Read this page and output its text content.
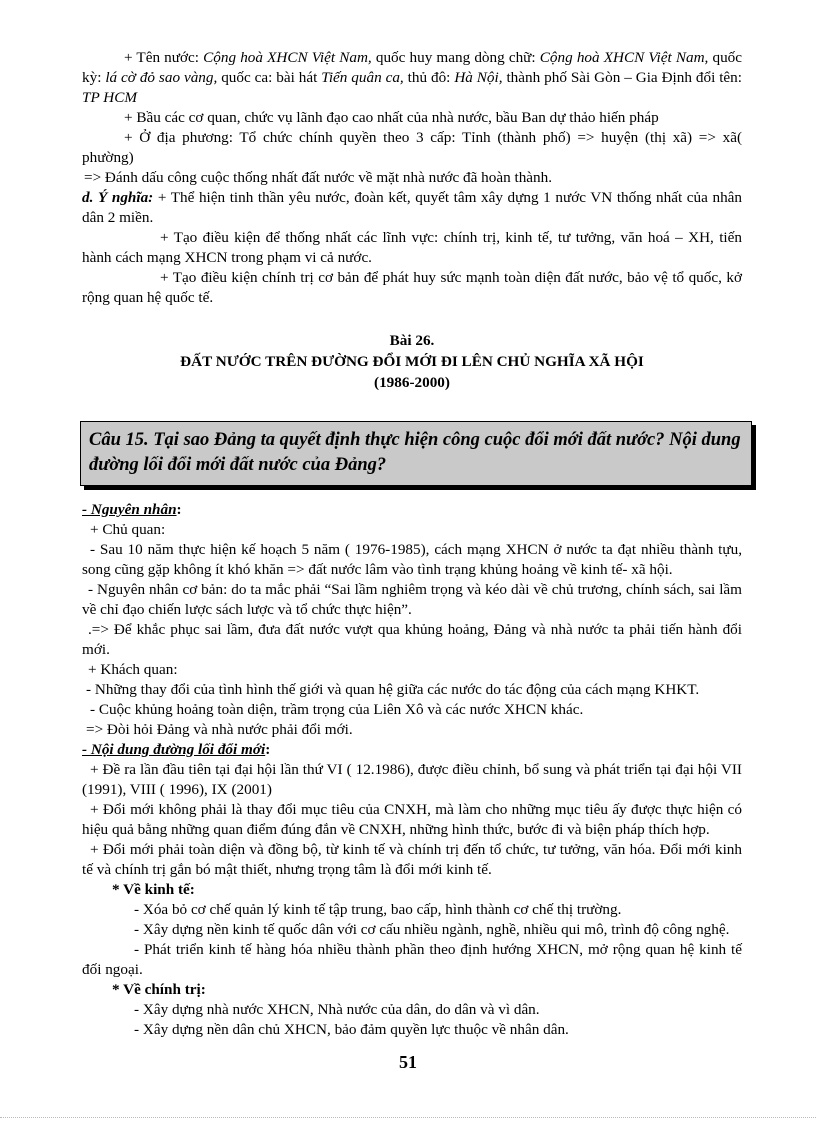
+ Tên nước: Cộng hoà XHCN Việt Nam, quốc huy mang dòng chữ: Cộng hoà XHCN Việt Nam, quốc kỳ: lá cờ đỏ sao vàng, quốc ca: bài hát Tiến quân ca, thủ đô: Hà Nội, thành phố Sài Gòn – Gia Định đổi tên: TP HCM

+ Bầu các cơ quan, chức vụ lãnh đạo cao nhất của nhà nước, bầu Ban dự thảo hiến pháp

+ Ở địa phương: Tổ chức chính quyền theo 3 cấp: Tỉnh (thành phố) => huyện (thị xã) => xã( phường)

=> Đánh dấu công cuộc thống nhất đất nước về mặt nhà nước đã hoàn thành.

d. Ý nghĩa: + Thể hiện tinh thần yêu nước, đoàn kết, quyết tâm xây dựng 1 nước VN thống nhất của nhân dân 2 miền.

+ Tạo điều kiện để thống nhất các lĩnh vực: chính trị, kinh tế, tư tưởng, văn hoá – XH, tiến hành cách mạng XHCN trong phạm vi cả nước.

+ Tạo điều kiện chính trị cơ bản để phát huy sức mạnh toàn diện đất nước, bảo vệ tổ quốc, kở rộng quan hệ quốc tế.

Bài 26.
ĐẤT NƯỚC TRÊN ĐƯỜNG ĐỔI MỚI ĐI LÊN CHỦ NGHĨA XÃ HỘI
(1986-2000)

Câu 15. Tại sao Đảng ta quyết định thực hiện công cuộc đổi mới đất nước? Nội dung đường lối đổi mới đất nước của Đảng?

- Nguyên nhân:

+ Chủ quan:

- Sau 10 năm thực hiện kế hoạch 5 năm ( 1976-1985), cách mạng XHCN ở nước ta đạt nhiều thành tựu, song cũng gặp không ít khó khăn => đất nước lâm vào tình trạng khủng hoảng về kinh tế- xã hội.

- Nguyên nhân cơ bản: do ta mắc phải “Sai lầm nghiêm trọng và kéo dài về chủ trương, chính sách, sai lầm về chỉ đạo chiến lược sách lược và tổ chức thực hiện”.

.=> Để khắc phục sai lầm, đưa đất nước vượt qua khủng hoảng, Đảng và nhà nước ta phải tiến hành đổi mới.

+ Khách quan:

- Những thay đổi của tình hình thế giới và quan hệ giữa các nước do tác động của cách mạng KHKT.

- Cuộc khủng hoảng toàn diện, trầm trọng của Liên Xô và các nước XHCN khác.

=> Đòi hỏi Đảng và nhà nước phải đổi mới.

- Nội dung đường lối đổi mới:

+ Đề ra lần đầu tiên tại đại hội lần thứ VI ( 12.1986), được điều chỉnh, bổ sung và phát triển tại đại hội VII (1991), VIII ( 1996), IX (2001)

+ Đổi mới không phải là thay đổi mục tiêu của CNXH, mà làm cho những mục tiêu ấy được thực hiện có hiệu quả bằng những quan điểm đúng đắn về CNXH, những hình thức, bước đi và biện pháp thích hợp.

+ Đổi mới phải toàn diện và đồng bộ, từ kinh tế và chính trị đến tổ chức, tư tưởng, văn hóa. Đổi mới kinh tế và chính trị gắn bó mật thiết, nhưng trọng tâm là đổi mới kinh tế.

* Về kinh tế:

- Xóa bỏ cơ chế quản lý kinh tế tập trung, bao cấp, hình thành cơ chế thị trường.

- Xây dựng nền kinh tế quốc dân với cơ cấu nhiều ngành, nghề, nhiều qui mô, trình độ công nghệ.

- Phát triển kinh tế hàng hóa nhiều thành phần theo định hướng XHCN, mở rộng quan hệ kinh tế đối ngoại.

* Về chính trị:

- Xây dựng nhà nước XHCN, Nhà nước của dân, do dân và vì dân.

- Xây dựng nền dân chủ XHCN, bảo đảm quyền lực thuộc về nhân dân.

51
